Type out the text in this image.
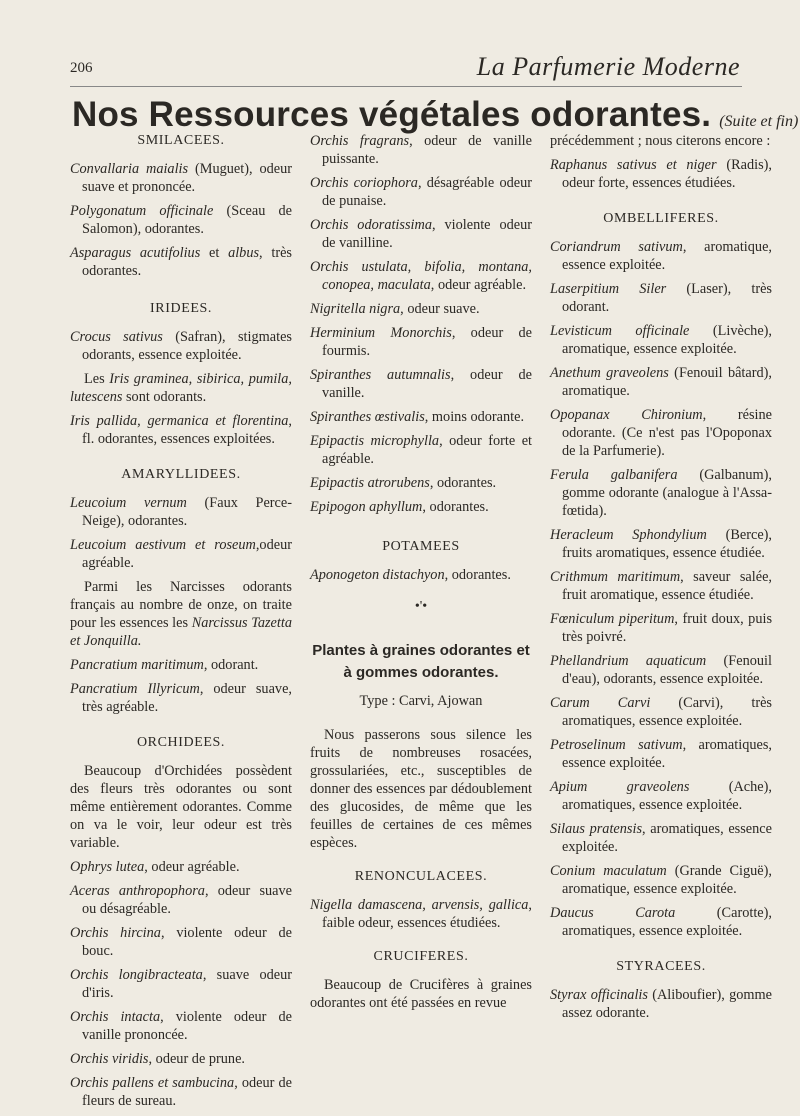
206	La Parfumerie Moderne
Nos Ressources végétales odorantes. (Suite et fin)
SMILACEES.

Convallaria maialis (Muguet), odeur suave et prononcée.

Polygonatum officinale (Sceau de Salomon), odorantes.

Asparagus acutifolius et albus, très odorantes.

IRIDEES.

Crocus sativus (Safran), stigmates odorants, essence exploitée.

Les Iris graminea, sibirica, pumila, lutescens sont odorants.

Iris pallida, germanica et florentina, fl. odorantes, essences exploitées.

AMARYLLIDEES.

Leucoium vernum (Faux Perce-Neige), odorantes.

Leucoium aestivum et roseum,odeur agréable.

Parmi les Narcisses odorants français au nombre de onze, on traite pour les essences les Narcissus Tazetta et Jonquilla.

Pancratium maritimum, odorant.

Pancratium Illyricum, odeur suave, très agréable.

ORCHIDEES.

Beaucoup d'Orchidées possèdent des fleurs très odorantes ou sont même entièrement odorantes. Comme on va le voir, leur odeur est très variable.

Ophrys lutea, odeur agréable.

Aceras anthropophora, odeur suave ou désagréable.

Orchis hircina, violente odeur de bouc.

Orchis longibracteata, suave odeur d'iris.

Orchis intacta, violente odeur de vanille prononcée.

Orchis viridis, odeur de prune.

Orchis pallens et sambucina, odeur de fleurs de sureau.

Orchis fragrans, odeur de vanille puissante.

Orchis coriophora, désagréable odeur de punaise.

Orchis odoratissima, violente odeur de vanilline.

Orchis ustulata, bifolia, montana, conopea, maculata, odeur agréable.

Nigritella nigra, odeur suave.

Herminium Monorchis, odeur de fourmis.

Spiranthes autumnalis, odeur de vanille.

Spiranthes œstivalis, moins odorante.

Epipactis microphylla, odeur forte et agréable.

Epipactis atrorubens, odorantes.

Epipogon aphyllum, odorantes.

POTAMEES

Aponogeton distachyon, odorantes.

•'•
Plantes à graines odorantes et à gommes odorantes.

Type : Carvi, Ajowan

Nous passerons sous silence les fruits de nombreuses rosacées, grossulariées, etc., susceptibles de donner des essences par dédoublement des glucosides, de même que les feuilles de certaines de ces mêmes espèces.

RENONCULACEES.

Nigella damascena, arvensis, gallica, faible odeur, essences étudiées.

CRUCIFERES.

Beaucoup de Crucifères à graines odorantes ont été passées en revue

précédemment ; nous citerons encore :

Raphanus sativus et niger (Radis), odeur forte, essences étudiées.

OMBELLIFERES.

Coriandrum sativum, aromatique, essence exploitée.

Laserpitium Siler (Laser), très odorant.

Levisticum officinale (Livèche), aromatique, essence exploitée.

Anethum graveolens (Fenouil bâtard), aromatique.

Opopanax Chironium, résine odorante. (Ce n'est pas l'Opoponax de la Parfumerie).

Ferula galbanifera (Galbanum), gomme odorante (analogue à l'Assa-fœtida).

Heracleum Sphondylium (Berce), fruits aromatiques, essence étudiée.

Crithmum maritimum, saveur salée, fruit aromatique, essence étudiée.

Fœniculum piperitum, fruit doux, puis très poivré.

Phellandrium aquaticum (Fenouil d'eau), odorants, essence exploitée.

Carum Carvi (Carvi), très aromatiques, essence exploitée.

Petroselinum sativum, aromatiques, essence exploitée.

Apium graveolens (Ache), aromatiques, essence exploitée.

Silaus pratensis, aromatiques, essence exploitée.

Conium maculatum (Grande Ciguë), aromatique, essence exploitée.

Daucus Carota (Carotte), aromatiques, essence exploitée.

STYRACEES.

Styrax officinalis (Aliboufier), gomme assez odorante.
